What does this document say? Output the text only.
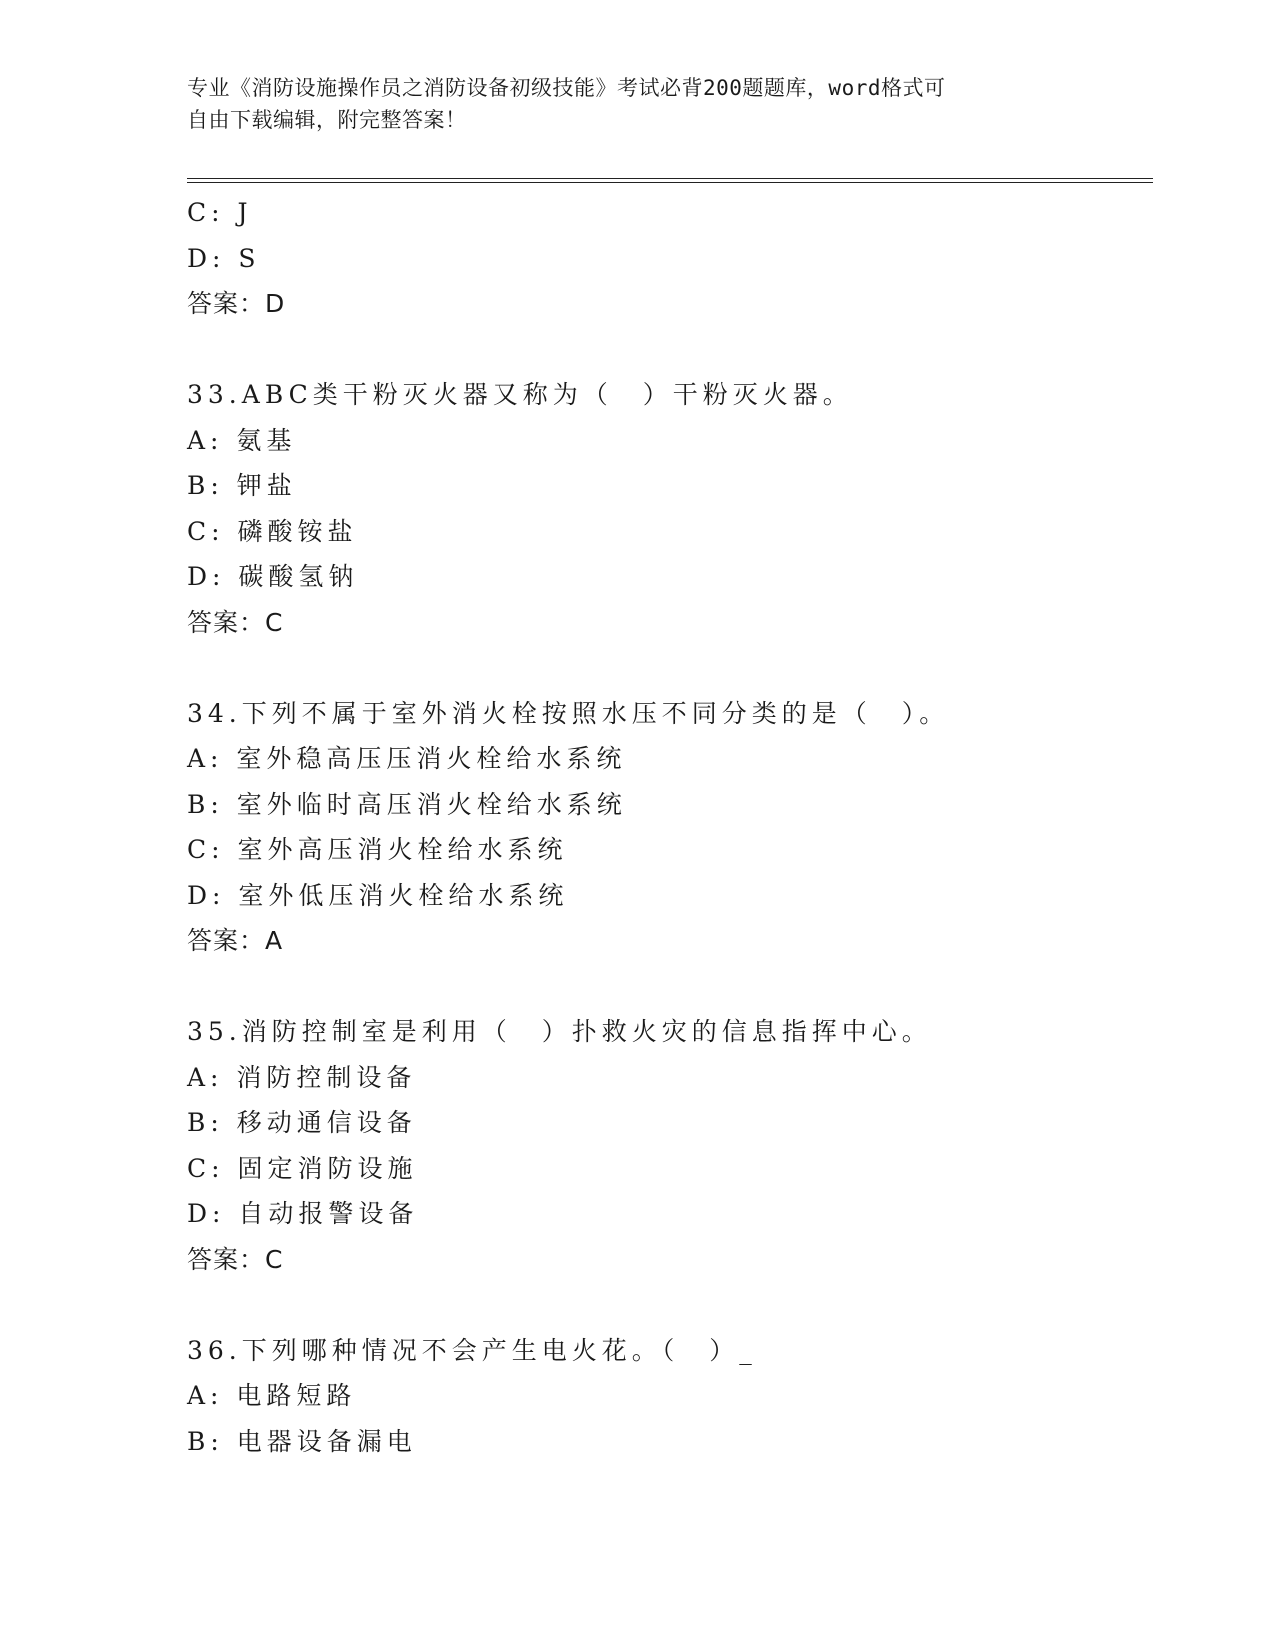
专业《消防设施操作员之消防设备初级技能》考试必背200题题库，word格式可
自由下载编辑，附完整答案！
C: J
D: S
答案：D
33.ABC类干粉灭火器又称为（　）干粉灭火器。
A: 氨基
B: 钾盐
C: 磷酸铵盐
D: 碳酸氢钠
答案：C
34.下列不属于室外消火栓按照水压不同分类的是（　）。
A: 室外稳高压压消火栓给水系统
B: 室外临时高压消火栓给水系统
C: 室外高压消火栓给水系统
D: 室外低压消火栓给水系统
答案：A
35.消防控制室是利用（　）扑救火灾的信息指挥中心。
A: 消防控制设备
B: 移动通信设备
C: 固定消防设施
D: 自动报警设备
答案：C
36.下列哪种情况不会产生电火花。（　）_
A: 电路短路
B: 电器设备漏电
